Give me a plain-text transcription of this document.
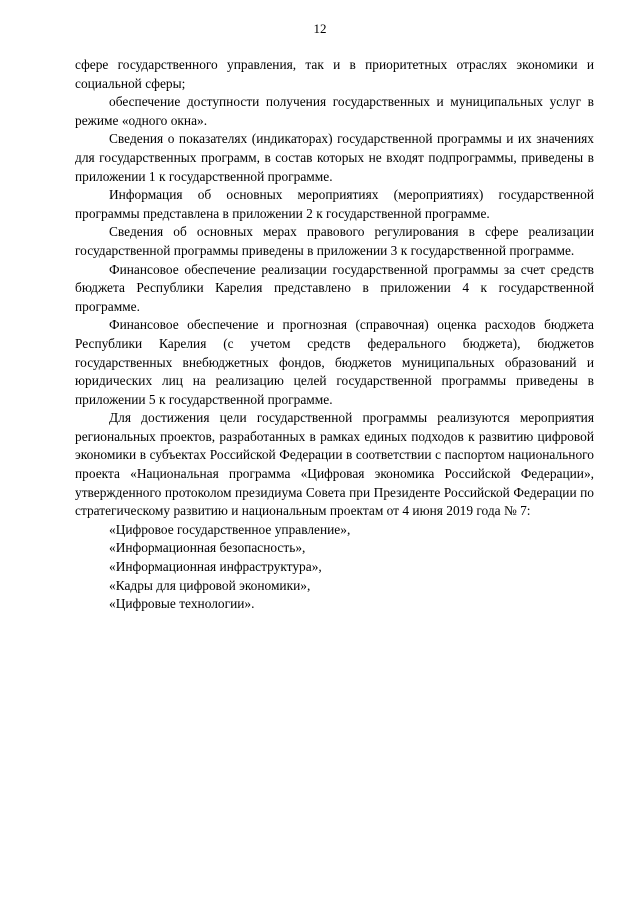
12

сфере государственного управления, так и в приоритетных отраслях экономики и социальной сферы;

обеспечение доступности получения государственных и муниципальных услуг в режиме «одного окна».

Сведения о показателях (индикаторах) государственной программы и их значениях для государственных программ, в состав которых не входят подпрограммы, приведены в приложении 1 к государственной программе.

Информация об основных мероприятиях (мероприятиях) государственной программы представлена в приложении 2 к государственной программе.

Сведения об основных мерах правового регулирования в сфере реализации государственной программы приведены в приложении 3 к государственной программе.

Финансовое обеспечение реализации государственной программы за счет средств бюджета Республики Карелия представлено в приложении 4 к государственной программе.

Финансовое обеспечение и прогнозная (справочная) оценка расходов бюджета Республики Карелия (с учетом средств федерального бюджета), бюджетов государственных внебюджетных фондов, бюджетов муниципальных образований и юридических лиц на реализацию целей государственной программы приведены в приложении 5 к государственной программе.

Для достижения цели государственной программы реализуются мероприятия региональных проектов, разработанных в рамках единых подходов к развитию цифровой экономики в субъектах Российской Федерации в соответствии с паспортом национального проекта «Национальная программа «Цифровая экономика Российской Федерации», утвержденного протоколом президиума Совета при Президенте Российской Федерации по стратегическому развитию и национальным проектам от 4 июня 2019 года № 7:

«Цифровое государственное управление»,

«Информационная безопасность»,

«Информационная инфраструктура»,

«Кадры для цифровой экономики»,

«Цифровые технологии».
